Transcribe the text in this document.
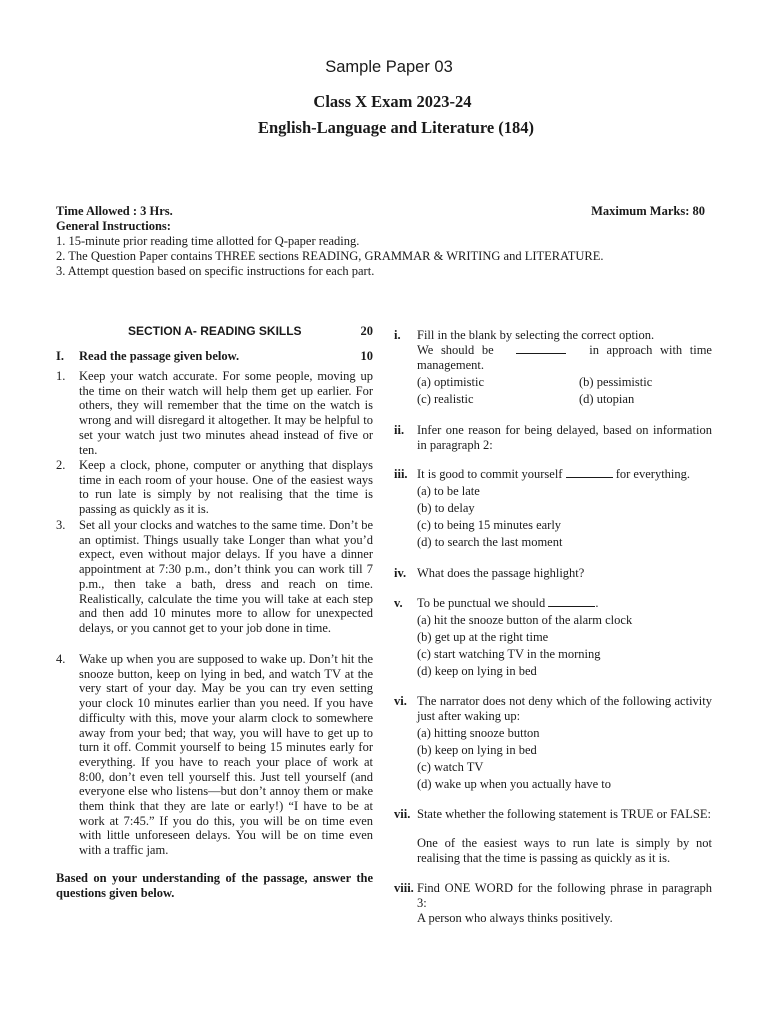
Sample Paper 03
Class X Exam 2023-24
English-Language and Literature (184)
Time Allowed : 3 Hrs.	Maximum Marks: 80
General Instructions:
1. 15-minute prior reading time allotted for Q-paper reading.
2. The Question Paper contains THREE sections READING, GRAMMAR & WRITING and LITERATURE.
3. Attempt question based on specific instructions for each part.
SECTION A- READING SKILLS	20
I. Read the passage given below.	10
1. Keep your watch accurate. For some people, moving up the time on their watch will help them get up earlier. For others, they will remember that the time on the watch is wrong and will disregard it altogether. It may be helpful to set your watch just two minutes ahead instead of five or ten.
2. Keep a clock, phone, computer or anything that displays time in each room of your house. One of the easiest ways to run late is simply by not realising that the time is passing as quickly as it is.
3. Set all your clocks and watches to the same time. Don’t be an optimist. Things usually take Longer than what you’d expect, even without major delays. If you have a dinner appointment at 7:30 p.m., don’t think you can work till 7 p.m., then take a bath, dress and reach on time. Realistically, calculate the time you will take at each step and then add 10 minutes more to allow for unexpected delays, or you cannot get to your job done in time.
4. Wake up when you are supposed to wake up. Don’t hit the snooze button, keep on lying in bed, and watch TV at the very start of your day. May be you can try even setting your clock 10 minutes earlier than you need. If you have difficulty with this, move your alarm clock to somewhere away from your bed; that way, you will have to get up to turn it off. Commit yourself to being 15 minutes early for everything. If you have to reach your place of work at 8:00, don’t even tell yourself this. Just tell yourself (and everyone else who listens—but don’t annoy them or make them think that they are late or early!) “I have to be at work at 7:45.” If you do this, you will be on time even with little unforeseen delays. You will be on time even with a traffic jam.
Based on your understanding of the passage, answer the questions given below.
i. Fill in the blank by selecting the correct option.
We should be	in approach with time management.
(a) optimistic	(b) pessimistic
(c) realistic	(d) utopian
ii. Infer one reason for being delayed, based on information in paragraph 2:
iii. It is good to commit yourself	for everything.
(a) to be late
(b) to delay
(c) to being 15 minutes early
(d) to search the last moment
iv. What does the passage highlight?
v. To be punctual we should	.
(a) hit the snooze button of the alarm clock
(b) get up at the right time
(c) start watching TV in the morning
(d) keep on lying in bed
vi. The narrator does not deny which of the following activity just after waking up:
(a) hitting snooze button
(b) keep on lying in bed
(c) watch TV
(d) wake up when you actually have to
vii. State whether the following statement is TRUE or FALSE:
One of the easiest ways to run late is simply by not realising that the time is passing as quickly as it is.
viii. Find ONE WORD for the following phrase in paragraph 3:
A person who always thinks positively.
